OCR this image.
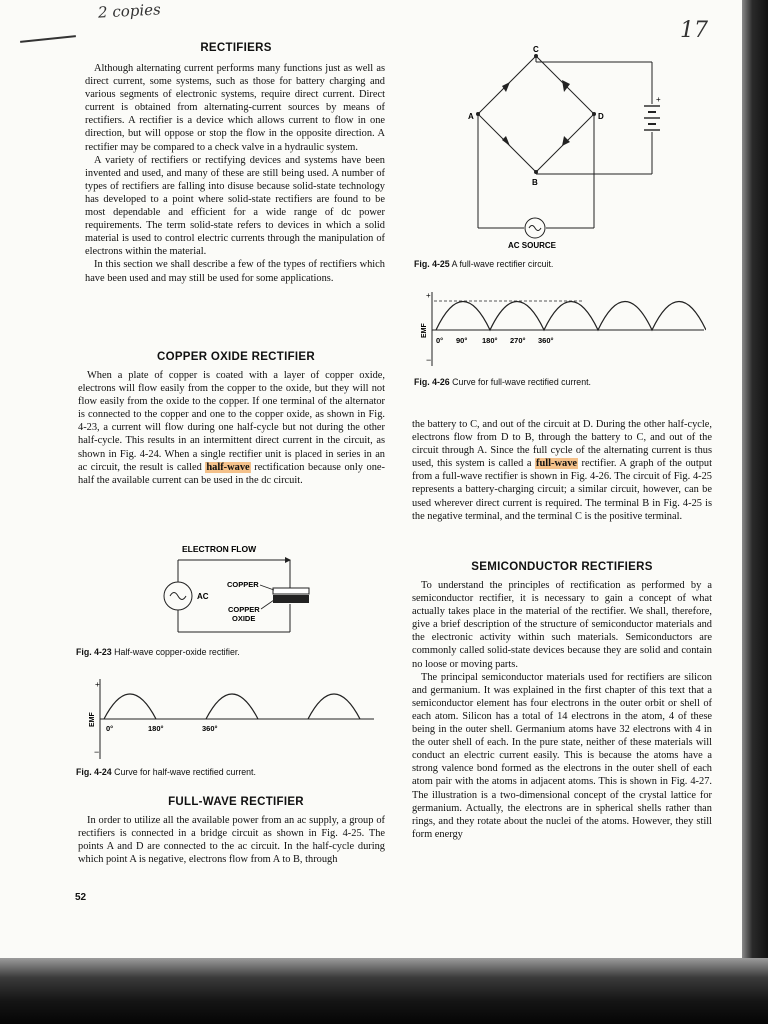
2 copies
17
RECTIFIERS

Although alternating current performs many functions just as well as direct current, some systems, such as those for battery charging and various segments of electronic systems, require direct current. Direct current is obtained from alternating-current sources by means of rectifiers. A rectifier is a device which allows current to flow in one direction, but will oppose or stop the flow in the opposite direction. A rectifier may be compared to a check valve in a hydraulic system.

A variety of rectifiers or rectifying devices and systems have been invented and used, and many of these are still being used. A number of types of rectifiers are falling into disuse because solid-state technology has developed to a point where solid-state rectifiers are found to be most dependable and efficient for a wide range of dc power requirements. The term solid-state refers to devices in which a solid material is used to control electric currents through the manipulation of electrons within the material.

In this section we shall describe a few of the types of rectifiers which have been used and may still be used for some applications.

COPPER OXIDE RECTIFIER

When a plate of copper is coated with a layer of copper oxide, electrons will flow easily from the copper to the oxide, but they will not flow easily from the oxide to the copper. If one terminal of the alternator is connected to the copper and one to the copper oxide, as shown in Fig. 4-23, a current will flow during one half-cycle but not during the other half-cycle. This results in an intermittent direct current in the circuit, as shown in Fig. 4-24. When a single rectifier unit is placed in series in an ac circuit, the result is called half-wave rectification because only one-half the available current can be used in the dc circuit.

ELECTRON FLOW
AC
COPPER
COPPER
OXIDE
Fig. 4-23 Half-wave copper-oxide rectifier.
+
−
EMF
0°	180°	360°
Fig. 4-24 Curve for half-wave rectified current.
FULL-WAVE RECTIFIER

In order to utilize all the available power from an ac supply, a group of rectifiers is connected in a bridge circuit as shown in Fig. 4-25. The points A and D are connected to the ac circuit. In the half-cycle during which point A is negative, electrons flow from A to B, through

52
C
A	D
B
+
AC SOURCE
Fig. 4-25 A full-wave rectifier circuit.
+
−
EMF
0° 90° 180° 270° 360°
Fig. 4-26 Curve for full-wave rectified current.

the battery to C, and out of the circuit at D. During the other half-cycle, electrons flow from D to B, through the battery to C, and out of the circuit through A. Since the full cycle of the alternating current is thus used, this system is called a full-wave rectifier. A graph of the output from a full-wave rectifier is shown in Fig. 4-26. The circuit of Fig. 4-25 represents a battery-charging circuit; a similar circuit, however, can be used wherever direct current is required. The terminal B in Fig. 4-25 is the negative terminal, and the terminal C is the positive terminal.

SEMICONDUCTOR RECTIFIERS

To understand the principles of rectification as performed by a semiconductor rectifier, it is necessary to gain a concept of what actually takes place in the material of the rectifier. We shall, therefore, give a brief description of the structure of semiconductor materials and the electronic activity within such materials. Semiconductors are commonly called solid-state devices because they are solid and contain no loose or moving parts.

The principal semiconductor materials used for rectifiers are silicon and germanium. It was explained in the first chapter of this text that a semiconductor element has four electrons in the outer orbit or shell of each atom. Silicon has a total of 14 electrons in the atom, 4 of these being in the outer shell. Germanium atoms have 32 electrons with 4 in the outer shell of each. In the pure state, neither of these materials will conduct an electric current easily. This is because the atoms have a strong valence bond formed as the electrons in the outer shell of each atom pair with the atoms in adjacent atoms. This is shown in Fig. 4-27. The illustration is a two-dimensional concept of the crystal lattice for germanium. Actually, the electrons are in spherical shells rather than rings, and they rotate about the nuclei of the atoms. However, they still form energy
